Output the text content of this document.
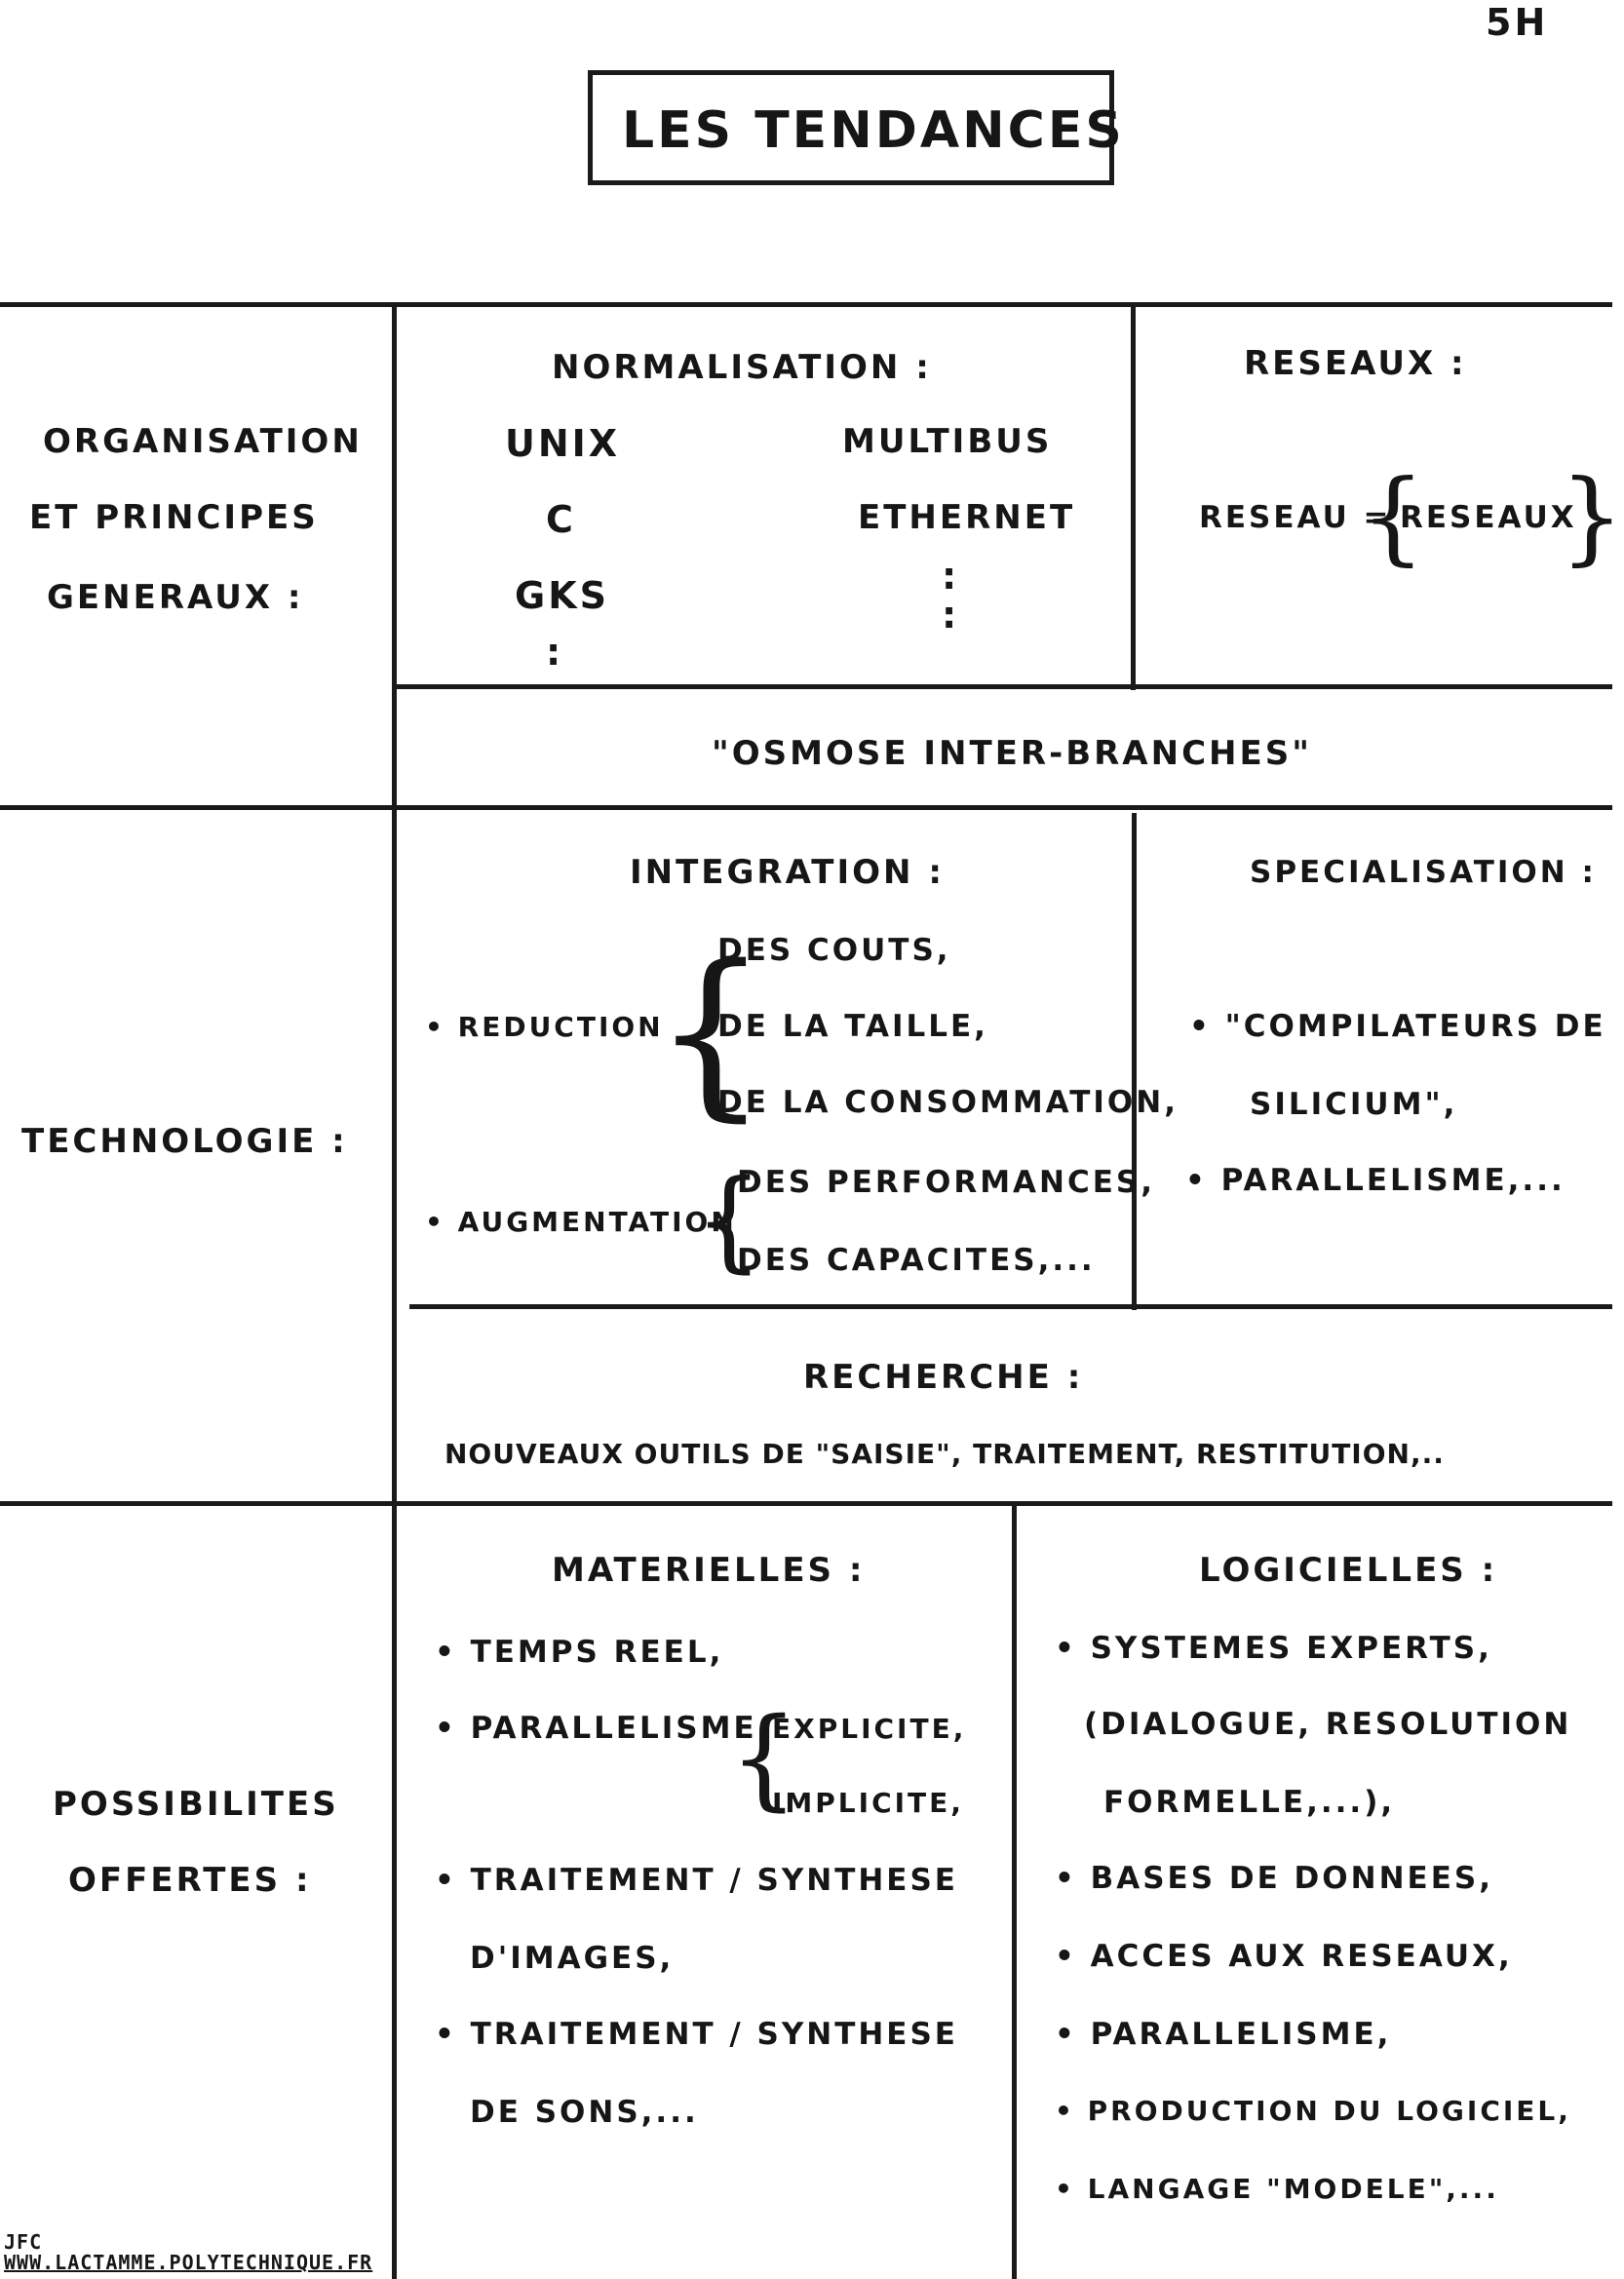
5H
LES TENDANCES
ORGANISATION
ET PRINCIPES
GENERAUX :
NORMALISATION :
UNIX
C
GKS
:
MULTIBUS
ETHERNET
:
:
RESEAUX :
RESEAU =
{
RESEAUX
}
"OSMOSE INTER-BRANCHES"
TECHNOLOGIE :
INTEGRATION :
• REDUCTION
{
DES COUTS,
DE LA TAILLE,
DE LA CONSOMMATION,
• AUGMENTATION
{
DES PERFORMANCES,
DES CAPACITES,...
SPECIALISATION :
• "COMPILATEURS DE
SILICIUM",
• PARALLELISME,...
RECHERCHE :
NOUVEAUX OUTILS DE "SAISIE", TRAITEMENT, RESTITUTION,..
POSSIBILITES
OFFERTES :
MATERIELLES :
• TEMPS REEL,
• PARALLELISME
{
EXPLICITE,
IMPLICITE,
• TRAITEMENT / SYNTHESE
D'IMAGES,
• TRAITEMENT / SYNTHESE
DE SONS,...
LOGICIELLES :
• SYSTEMES EXPERTS,
(DIALOGUE, RESOLUTION
FORMELLE,...),
• BASES DE DONNEES,
• ACCES AUX RESEAUX,
• PARALLELISME,
• PRODUCTION DU LOGICIEL,
• LANGAGE "MODELE",...
JFC
WWW.LACTAMME.POLYTECHNIQUE.FR
